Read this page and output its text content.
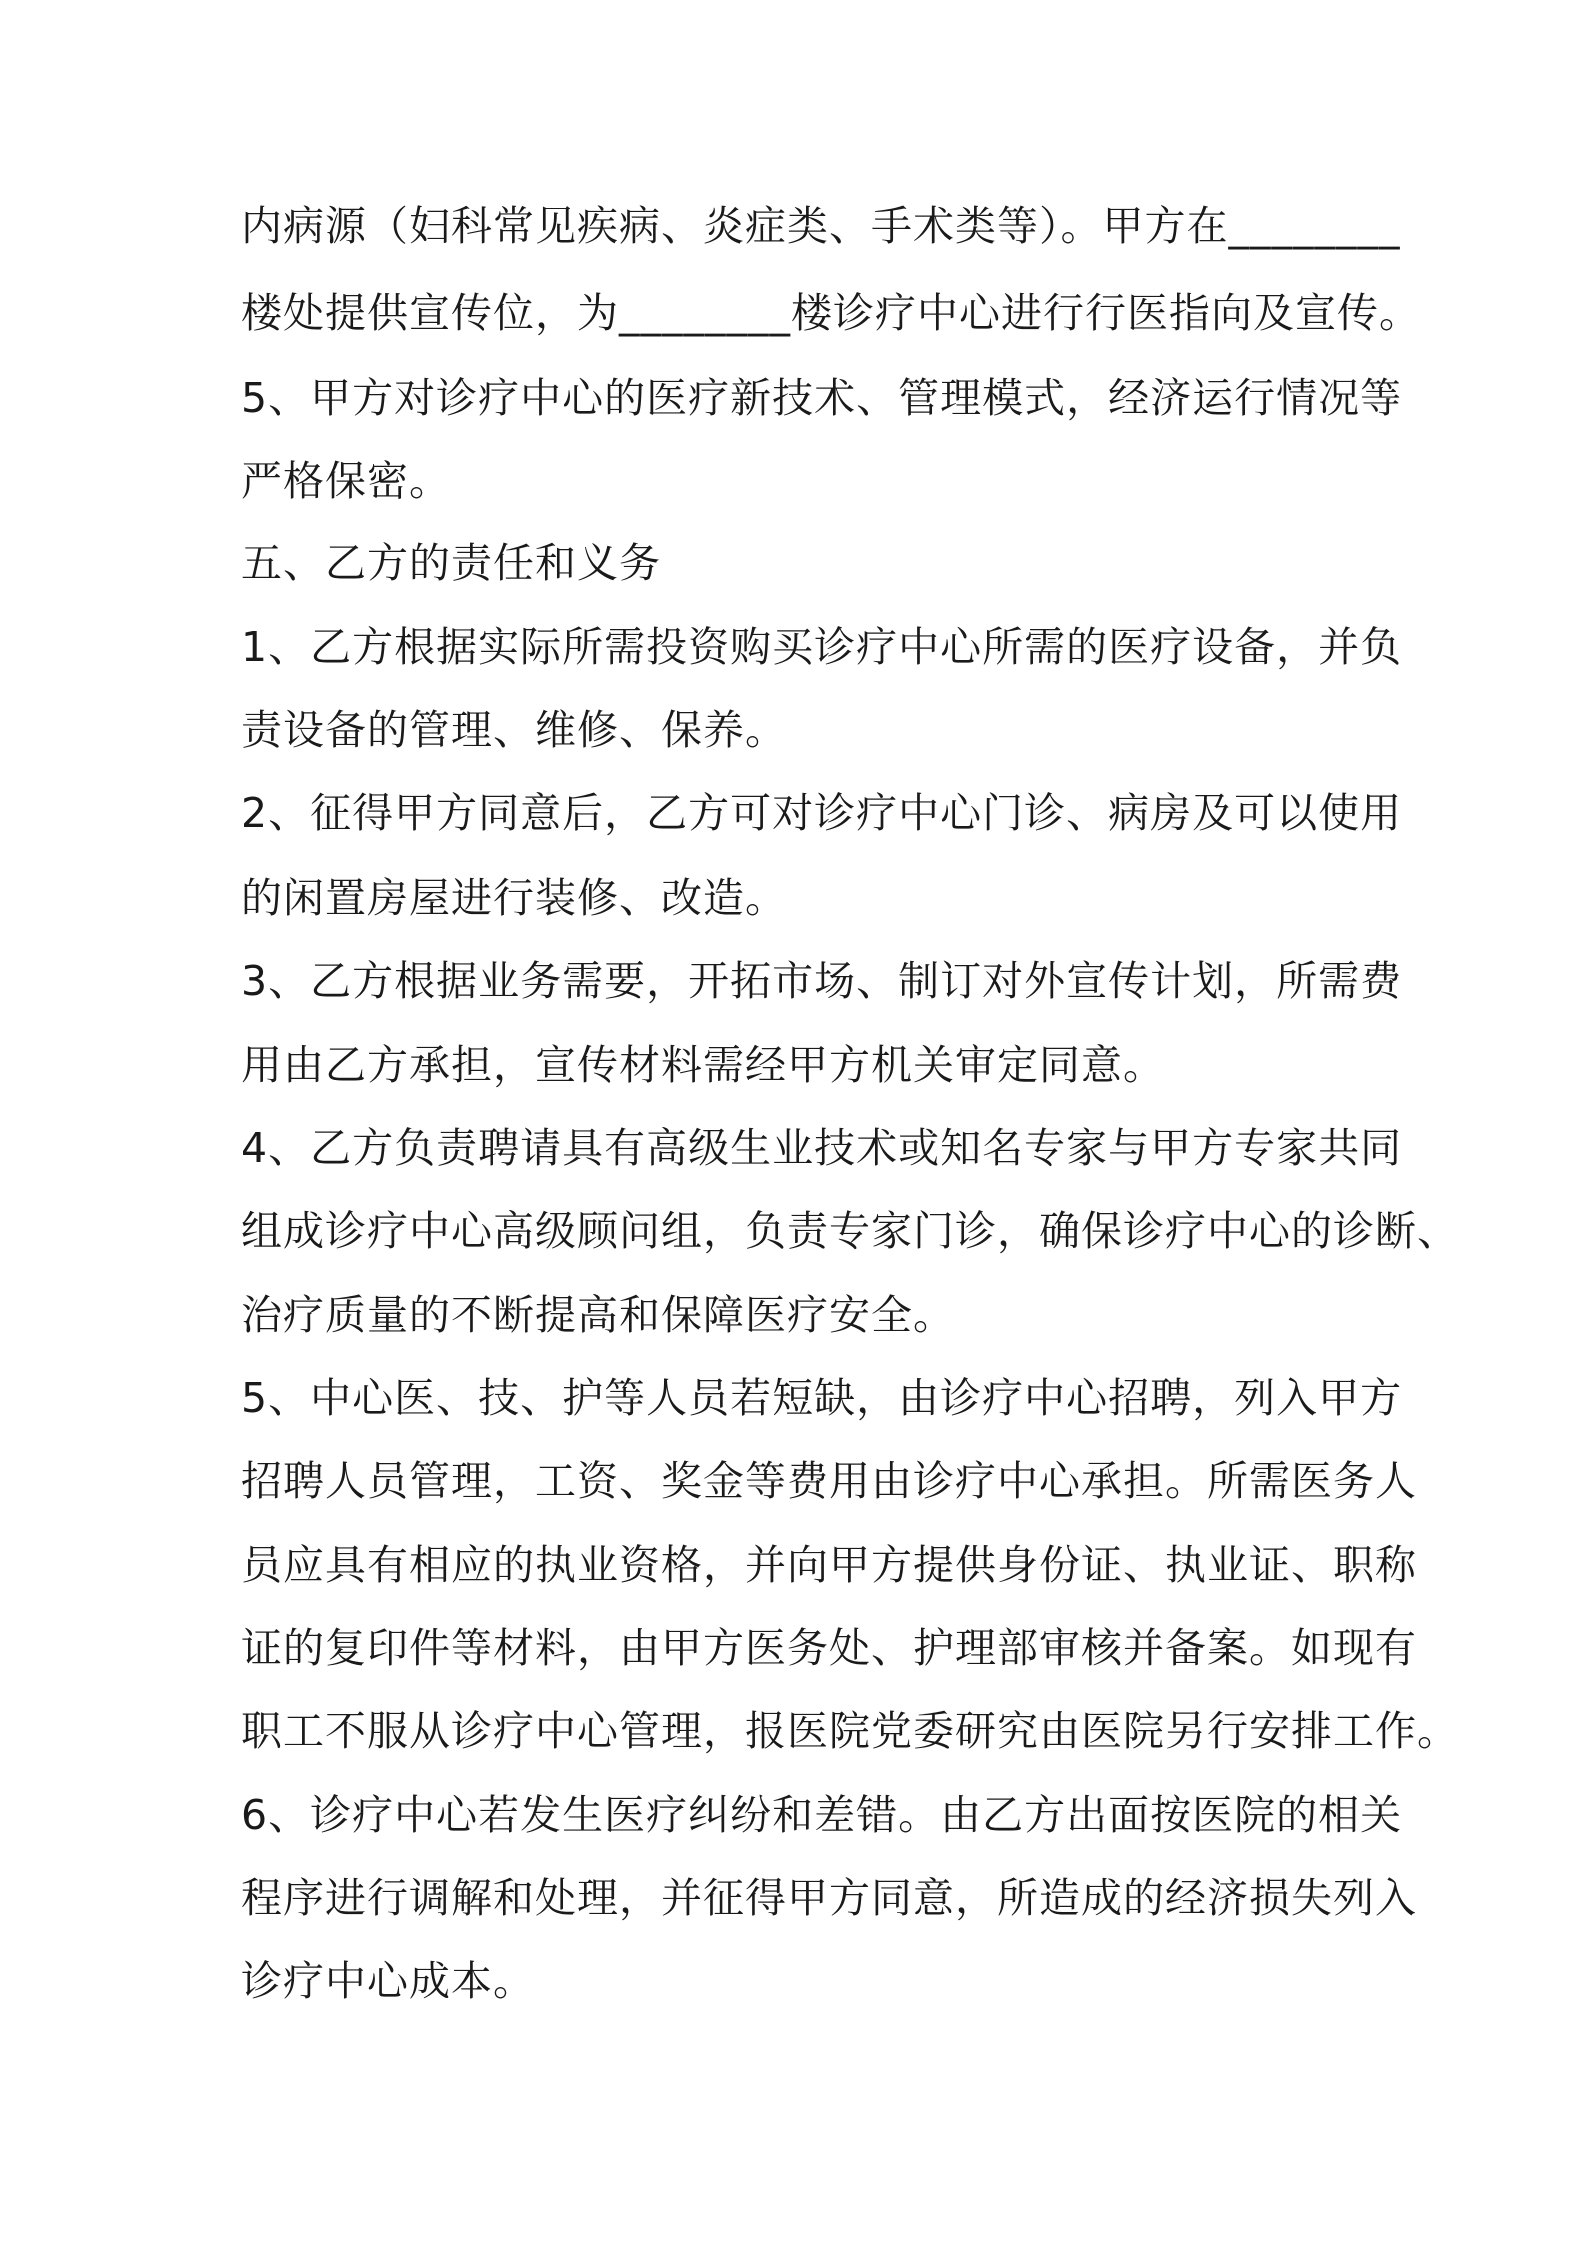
内病源（妇科常见疾病、炎症类、手术类等）。甲方在________

楼处提供宣传位，为________楼诊疗中心进行行医指向及宣传。

5、甲方对诊疗中心的医疗新技术、管理模式，经济运行情况等

严格保密。

五、乙方的责任和义务

1、乙方根据实际所需投资购买诊疗中心所需的医疗设备，并负

责设备的管理、维修、保养。

2、征得甲方同意后，乙方可对诊疗中心门诊、病房及可以使用

的闲置房屋进行装修、改造。

3、乙方根据业务需要，开拓市场、制订对外宣传计划，所需费

用由乙方承担，宣传材料需经甲方机关审定同意。

4、乙方负责聘请具有高级生业技术或知名专家与甲方专家共同

组成诊疗中心高级顾问组，负责专家门诊，确保诊疗中心的诊断、

治疗质量的不断提高和保障医疗安全。

5、中心医、技、护等人员若短缺，由诊疗中心招聘，列入甲方

招聘人员管理，工资、奖金等费用由诊疗中心承担。所需医务人

员应具有相应的执业资格，并向甲方提供身份证、执业证、职称

证的复印件等材料，由甲方医务处、护理部审核并备案。如现有

职工不服从诊疗中心管理，报医院党委研究由医院另行安排工作。

6、诊疗中心若发生医疗纠纷和差错。由乙方出面按医院的相关

程序进行调解和处理，并征得甲方同意，所造成的经济损失列入

诊疗中心成本。
